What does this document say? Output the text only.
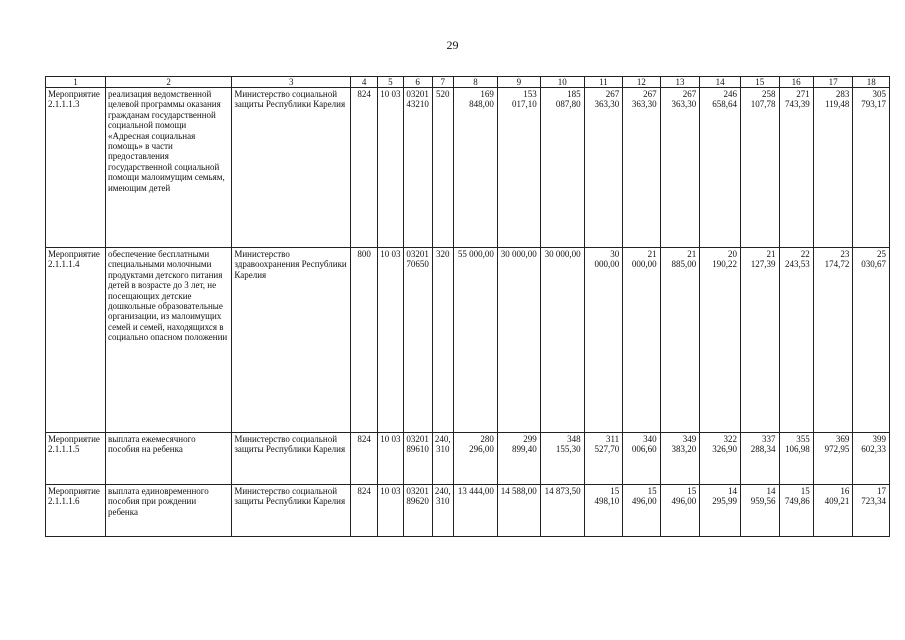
29
1	2	3	4	5	6	7	8	9	10	11	12	13	14	15	16	17	18
Мероприятие 2.1.1.1.3	реализация ведомственной целевой программы оказания гражданам государственной социальной помощи «Адресная социальная помощь» в части предоставления государственной социальной помощи малоимущим семьям, имеющим детей	Министерство социальной защиты Республики Карелия	824	10 03	03201 43210	520	169 848,00	153 017,10	185 087,80	267 363,30	267 363,30	267 363,30	246 658,64	258 107,78	271 743,39	283 119,48	305 793,17
Мероприятие 2.1.1.1.4	обеспечение бесплатными специальными молочными продуктами детского питания детей в возрасте до 3 лет, не посещающих детские дошкольные образовательные организации, из малоимущих семей и семей, находящихся в социально опасном положении	Министерство здравоохранения Республики Карелия	800	10 03	03201 70650	320	55 000,00	30 000,00	30 000,00	30 000,00	21 000,00	21 885,00	20 190,22	21 127,39	22 243,53	23 174,72	25 030,67
Мероприятие 2.1.1.1.5	выплата ежемесячного пособия на ребенка	Министерство социальной защиты Республики Карелия	824	10 03	03201 89610	240, 310	280 296,00	299 899,40	348 155,30	311 527,70	340 006,60	349 383,20	322 326,90	337 288,34	355 106,98	369 972,95	399 602,33
Мероприятие 2.1.1.1.6	выплата единовременного пособия при рождении ребенка	Министерство социальной защиты Республики Карелия	824	10 03	03201 89620	240, 310	13 444,00	14 588,00	14 873,50	15 498,10	15 496,00	15 496,00	14 295,99	14 959,56	15 749,86	16 409,21	17 723,34
